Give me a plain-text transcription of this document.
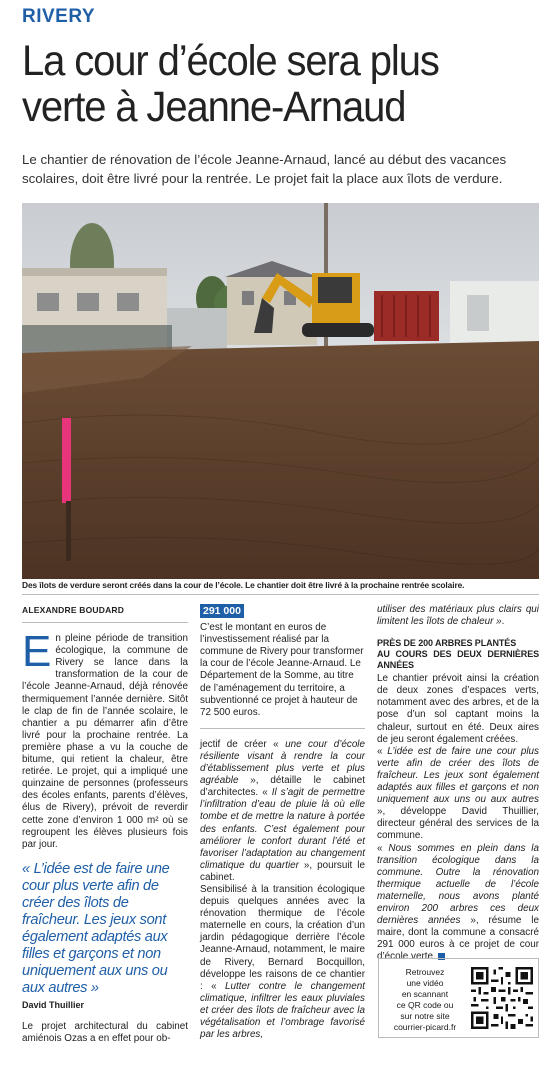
RIVERY
La cour d’école sera plus verte à Jeanne-Arnaud

Le chantier de rénovation de l’école Jeanne-Arnaud, lancé au début des vacances scolaires, doit être livré pour la rentrée. Le projet fait la place aux îlots de verdure.

Des îlots de verdure seront créés dans la cour de l’école. Le chantier doit être livré à la prochaine rentrée scolaire.
ALEXANDRE BOUDARD

En pleine période de transition écologique, la commune de Rivery se lance dans la transformation de la cour de l’école Jeanne-Arnaud, déjà rénovée thermiquement l’année dernière. Sitôt le clap de fin de l’année scolaire, le chantier a pu démarrer afin d’être livré pour la prochaine rentrée. La première phase a vu la couche de bitume, qui retient la chaleur, être retirée. Le projet, qui a impliqué une quinzaine de personnes (professeurs des écoles enfants, parents d’élèves, élus de Rivery), prévoit de reverdir cette zone d’environ 1 000 m² où se regroupent les élèves plusieurs fois par jour.

« L’idée est de faire une cour plus verte afin de créer des îlots de fraîcheur. Les jeux sont également adaptés aux filles et garçons et non uniquement aux uns ou aux autres »
David Thuillier

Le projet architectural du cabinet amiénois Ozas a en effet pour ob-

291 000

C’est le montant en euros de l’investissement réalisé par la commune de Rivery pour transformer la cour de l’école Jeanne-Arnaud. Le Département de la Somme, au titre de l’aménagement du territoire, a subventionné ce projet à hauteur de 72 500 euros.

jectif de créer « une cour d’école résiliente visant à rendre la cour d’établissement plus verte et plus agréable », détaille le cabinet d’architectes. « Il s’agit de permettre l’infiltration d’eau de pluie là où elle tombe et de mettre la nature à portée des enfants. C’est également pour améliorer le confort durant l’été et favoriser l’adaptation au changement climatique du quartier », poursuit le cabinet.

Sensibilisé à la transition écologique depuis quelques années avec la rénovation thermique de l’école maternelle en cours, la création d’un jardin pédagogique derrière l’école Jeanne-Arnaud, notamment, le maire de Rivery, Bernard Bocquillon, développe les raisons de ce chantier : « Lutter contre le changement climatique, infiltrer les eaux pluviales et créer des îlots de fraîcheur avec la végétalisation et l’ombrage favorisé par les arbres,

utiliser des matériaux plus clairs qui limitent les îlots de chaleur ».

PRÈS DE 200 ARBRES PLANTÉS
AU COURS DES DEUX DERNIÈRES ANNÉES

Le chantier prévoit ainsi la création de deux zones d’espaces verts, notamment avec des arbres, et de la pose d’un sol captant moins la chaleur, surtout en été. Deux aires de jeu seront également créées.

« L’idée est de faire une cour plus verte afin de créer des îlots de fraîcheur. Les jeux sont également adaptés aux filles et garçons et non uniquement aux uns ou aux autres », développe David Thuillier, directeur général des services de la commune.

« Nous sommes en plein dans la transition écologique dans la commune. Outre la rénovation thermique actuelle de l’école maternelle, nous avons planté environ 200 arbres ces deux dernières années », résume le maire, dont la commune a consacré 291 000 euros à ce projet de cour d’école verte.

Retrouvez
une vidéo
en scannant
ce QR code ou
sur notre site
courrier-picard.fr
